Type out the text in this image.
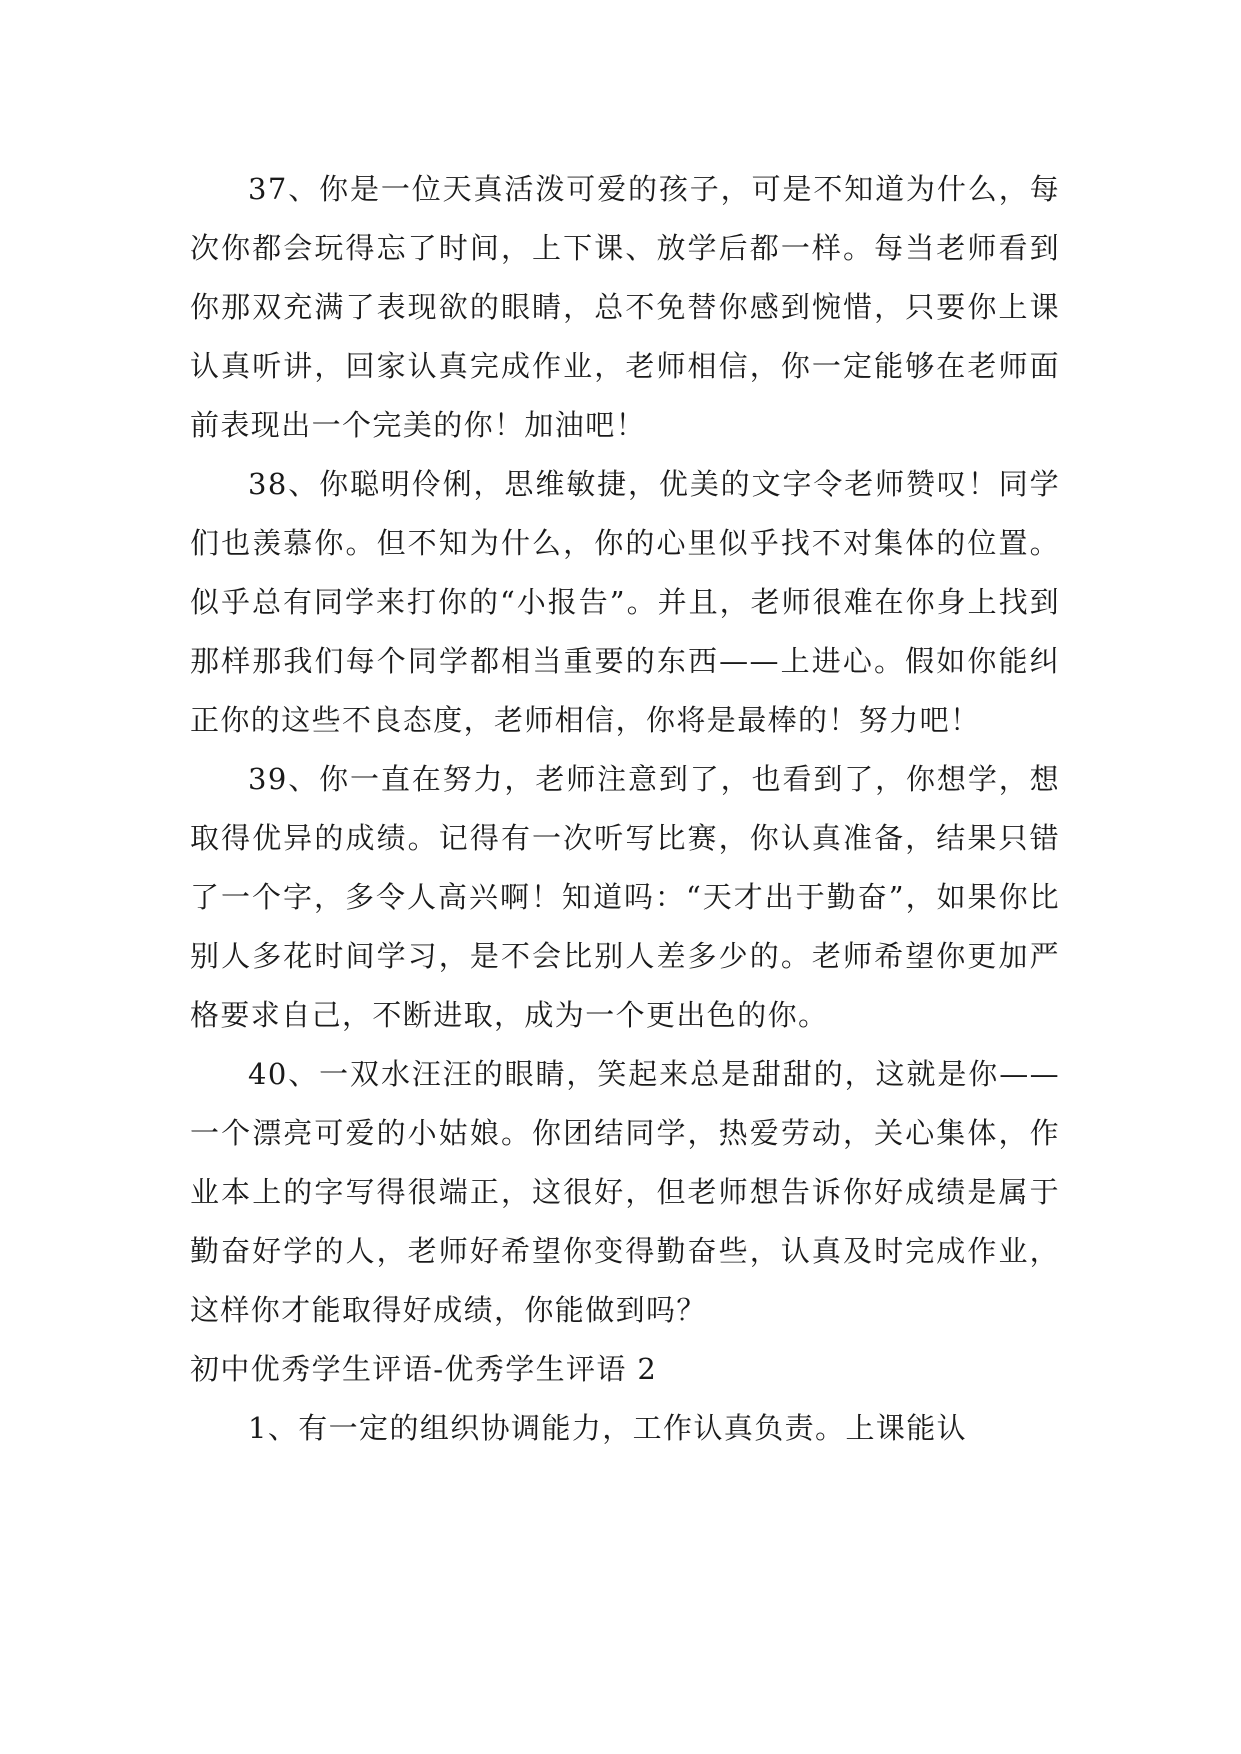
37、你是一位天真活泼可爱的孩子，可是不知道为什么，每次你都会玩得忘了时间，上下课、放学后都一样。每当老师看到你那双充满了表现欲的眼睛，总不免替你感到惋惜，只要你上课认真听讲，回家认真完成作业，老师相信，你一定能够在老师面前表现出一个完美的你！加油吧！

38、你聪明伶俐，思维敏捷，优美的文字令老师赞叹！同学们也羡慕你。但不知为什么，你的心里似乎找不对集体的位置。似乎总有同学来打你的“小报告”。并且，老师很难在你身上找到那样那我们每个同学都相当重要的东西——上进心。假如你能纠正你的这些不良态度，老师相信，你将是最棒的！努力吧！

39、你一直在努力，老师注意到了，也看到了，你想学，想取得优异的成绩。记得有一次听写比赛，你认真准备，结果只错了一个字，多令人高兴啊！知道吗：“天才出于勤奋”，如果你比别人多花时间学习，是不会比别人差多少的。老师希望你更加严格要求自己，不断进取，成为一个更出色的你。

40、一双水汪汪的眼睛，笑起来总是甜甜的，这就是你——一个漂亮可爱的小姑娘。你团结同学，热爱劳动，关心集体，作业本上的字写得很端正，这很好，但老师想告诉你好成绩是属于勤奋好学的人，老师好希望你变得勤奋些，认真及时完成作业，这样你才能取得好成绩，你能做到吗？

初中优秀学生评语-优秀学生评语 2

1、有一定的组织协调能力，工作认真负责。上课能认
